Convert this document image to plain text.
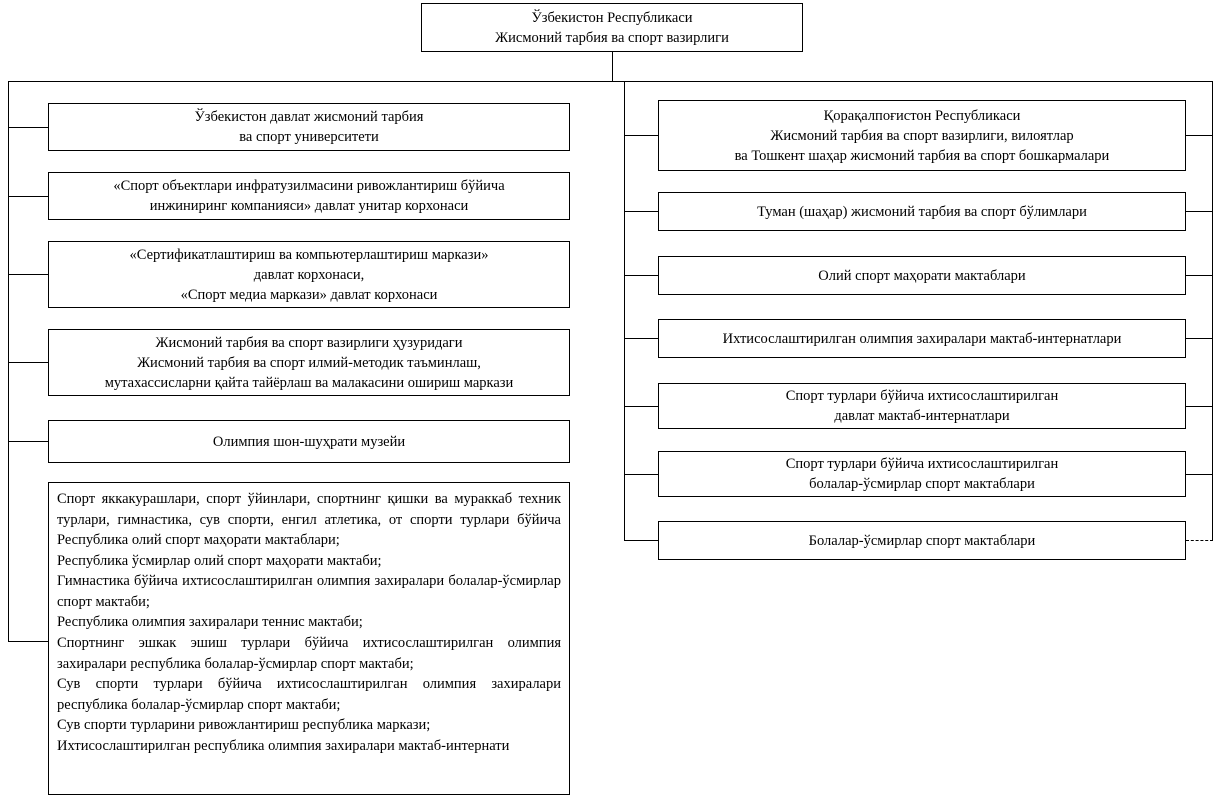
Ўзбекистон Республикаси
Жисмоний тарбия ва спорт вазирлиги
Ўзбекистон давлат жисмоний тарбия
ва спорт университети
«Спорт объектлари инфратузилмасини ривожлантириш бўйича
инжиниринг компанияси» давлат унитар корхонаси
«Сертификатлаштириш ва компьютерлаштириш маркази»
давлат корхонаси,
«Спорт медиа маркази» давлат корхонаси
Жисмоний тарбия ва спорт вазирлиги ҳузуридаги
Жисмоний тарбия ва спорт илмий-методик таъминлаш,
мутахассисларни қайта тайёрлаш ва малакасини ошириш маркази
Олимпия шон-шуҳрати музейи

Спорт яккакурашлари, спорт ўйинлари, спортнинг қишки ва мураккаб техник турлари, гимнастика, сув спорти, енгил атлетика, от спорти турлари бўйича Республика олий спорт маҳорати мактаблари;

Республика ўсмирлар олий спорт маҳорати мактаби;

Гимнастика бўйича ихтисослаштирилган олимпия захиралари болалар-ўсмирлар спорт мактаби;

Республика олимпия захиралари теннис мактаби;

Спортнинг эшкак эшиш турлари бўйича ихтисослаштирилган олимпия захиралари республика болалар-ўсмирлар спорт мактаби;

Сув спорти турлари бўйича ихтисослаштирилган олимпия захиралари республика болалар-ўсмирлар спорт мактаби;

Сув спорти турларини ривожлантириш республика маркази;

Ихтисослаштирилган республика олимпия захиралари мактаб-интернати

Қорақалпоғистон Республикаси
Жисмоний тарбия ва спорт вазирлиги, вилоятлар
ва Тошкент шаҳар жисмоний тарбия ва спорт бошкармалари
Туман (шаҳар) жисмоний тарбия ва спорт бўлимлари
Олий спорт маҳорати мактаблари
Ихтисослаштирилган олимпия захиралари мактаб-интернатлари
Спорт турлари бўйича ихтисослаштирилган
давлат мактаб-интернатлари
Спорт турлари бўйича ихтисослаштирилган
болалар-ўсмирлар спорт мактаблари
Болалар-ўсмирлар спорт мактаблари
